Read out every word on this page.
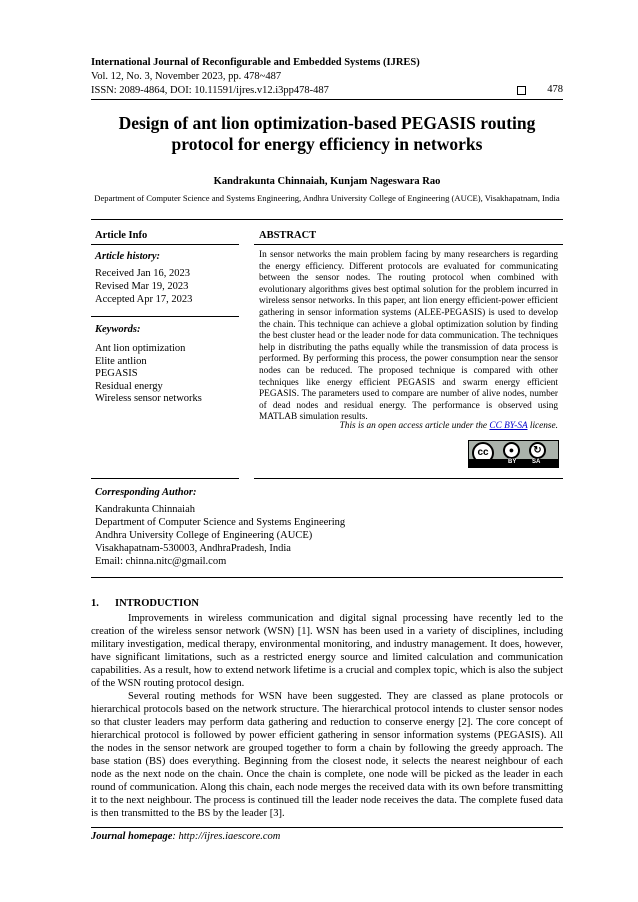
International Journal of Reconfigurable and Embedded Systems (IJRES)
Vol. 12, No. 3, November 2023, pp. 478~487
ISSN: 2089-4864, DOI: 10.11591/ijres.v12.i3pp478-487	478
Design of ant lion optimization-based PEGASIS routing
protocol for energy efficiency in networks
Kandrakunta Chinnaiah, Kunjam Nageswara Rao
Department of Computer Science and Systems Engineering, Andhra University College of Engineering (AUCE), Visakhapatnam, India
Article Info
Article history:
Received Jan 16, 2023
Revised Mar 19, 2023
Accepted Apr 17, 2023
Keywords:
Ant lion optimization
Elite antlion
PEGASIS
Residual energy
Wireless sensor networks
ABSTRACT
In sensor networks the main problem facing by many researchers is regarding the energy efficiency. Different protocols are evaluated for communicating between the sensor nodes. The routing protocol when combined with evolutionary algorithms gives best optimal solution for the problem incurred in wireless sensor networks. In this paper, ant lion energy efficient-power efficient gathering in sensor information systems (ALEE-PEGASIS) is used to develop the chain. This technique can achieve a global optimization solution by finding the best cluster head or the leader node for data communication. The techniques help in distributing the paths equally while the transmission of data process is performed. By performing this process, the power consumption near the sensor nodes can be reduced. The proposed technique is compared with other techniques like energy efficient PEGASIS and swarm energy efficient PEGASIS. The parameters used to compare are number of alive nodes, number of dead nodes and residual energy. The performance is observed using MATLAB simulation results.
This is an open access article under the CC BY-SA license.
cc	●	↻
BY	SA
Corresponding Author:
Kandrakunta Chinnaiah
Department of Computer Science and Systems Engineering
Andhra University College of Engineering (AUCE)
Visakhapatnam-530003, AndhraPradesh, India
Email: chinna.nitc@gmail.com
1. INTRODUCTION
Improvements in wireless communication and digital signal processing have recently led to the creation of the wireless sensor network (WSN) [1]. WSN has been used in a variety of disciplines, including military investigation, medical therapy, environmental monitoring, and industry management. It does, however, have significant limitations, such as a restricted energy source and limited calculation and communication capabilities. As a result, how to extend network lifetime is a crucial and complex topic, which is also the subject of the WSN routing protocol design.
Several routing methods for WSN have been suggested. They are classed as plane protocols or hierarchical protocols based on the network structure. The hierarchical protocol intends to cluster sensor nodes so that cluster leaders may perform data gathering and reduction to conserve energy [2]. The core concept of hierarchical protocol is followed by power efficient gathering in sensor information systems (PEGASIS). All the nodes in the sensor network are grouped together to form a chain by following the greedy approach. The base station (BS) does everything. Beginning from the closest node, it selects the nearest neighbour of each node as the next node on the chain. Once the chain is complete, one node will be picked as the leader in each round of communication. Along this chain, each node merges the received data with its own before transmitting it to the next neighbour. The process is continued till the leader node receives the data. The complete fused data is then transmitted to the BS by the leader [3].
Journal homepage: http://ijres.iaescore.com
